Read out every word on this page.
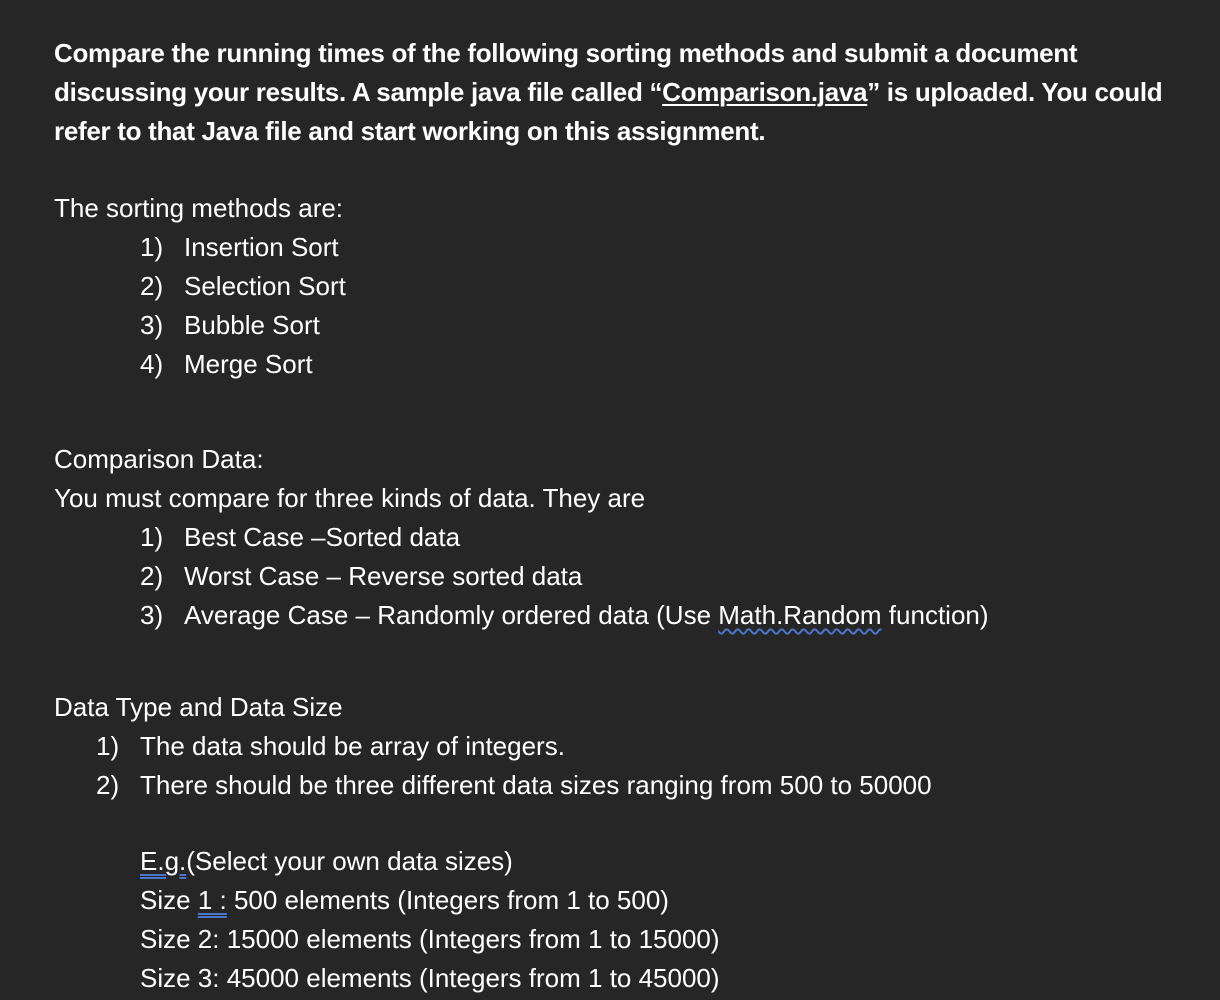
Compare the running times of the following sorting methods and submit a document discussing your results. A sample java file called “Comparison.java” is uploaded. You could refer to that Java file and start working on this assignment.

The sorting methods are:

1) Insertion Sort
2) Selection Sort
3) Bubble Sort
4) Merge Sort

Comparison Data:

You must compare for three kinds of data. They are

1) Best Case –Sorted data
2) Worst Case – Reverse sorted data
3) Average Case – Randomly ordered data (Use Math.Random function)

Data Type and Data Size

1) The data should be array of integers.
2) There should be three different data sizes ranging from 500 to 50000

E.g.(Select your own data sizes)

Size 1 : 500 elements (Integers from 1 to 500)

Size 2: 15000 elements (Integers from 1 to 15000)

Size 3: 45000 elements (Integers from 1 to 45000)
